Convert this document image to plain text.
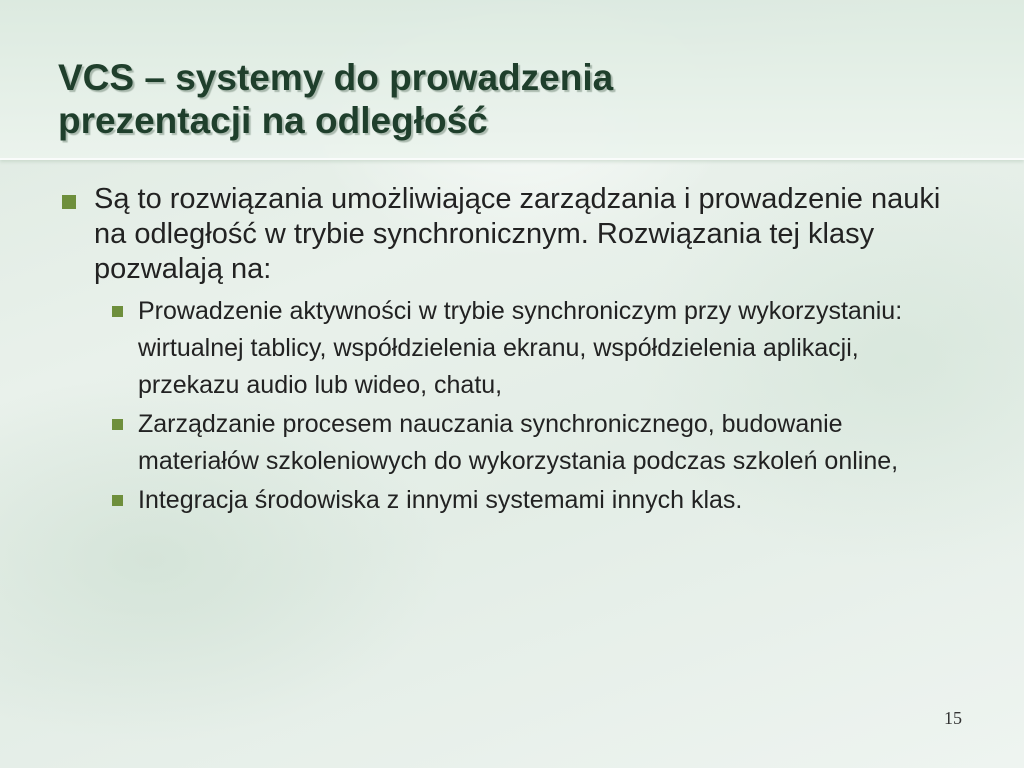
VCS – systemy do prowadzenia
prezentacji na odległość
Są to rozwiązania umożliwiające zarządzania i prowadzenie nauki na odległość w trybie synchronicznym. Rozwiązania tej klasy pozwalają na:
Prowadzenie aktywności w trybie synchroniczym przy wykorzystaniu: wirtualnej tablicy, współdzielenia ekranu, współdzielenia aplikacji, przekazu audio lub wideo, chatu,
Zarządzanie procesem nauczania synchronicznego, budowanie materiałów szkoleniowych do wykorzystania podczas szkoleń online,
Integracja środowiska z innymi systemami innych klas.
15
